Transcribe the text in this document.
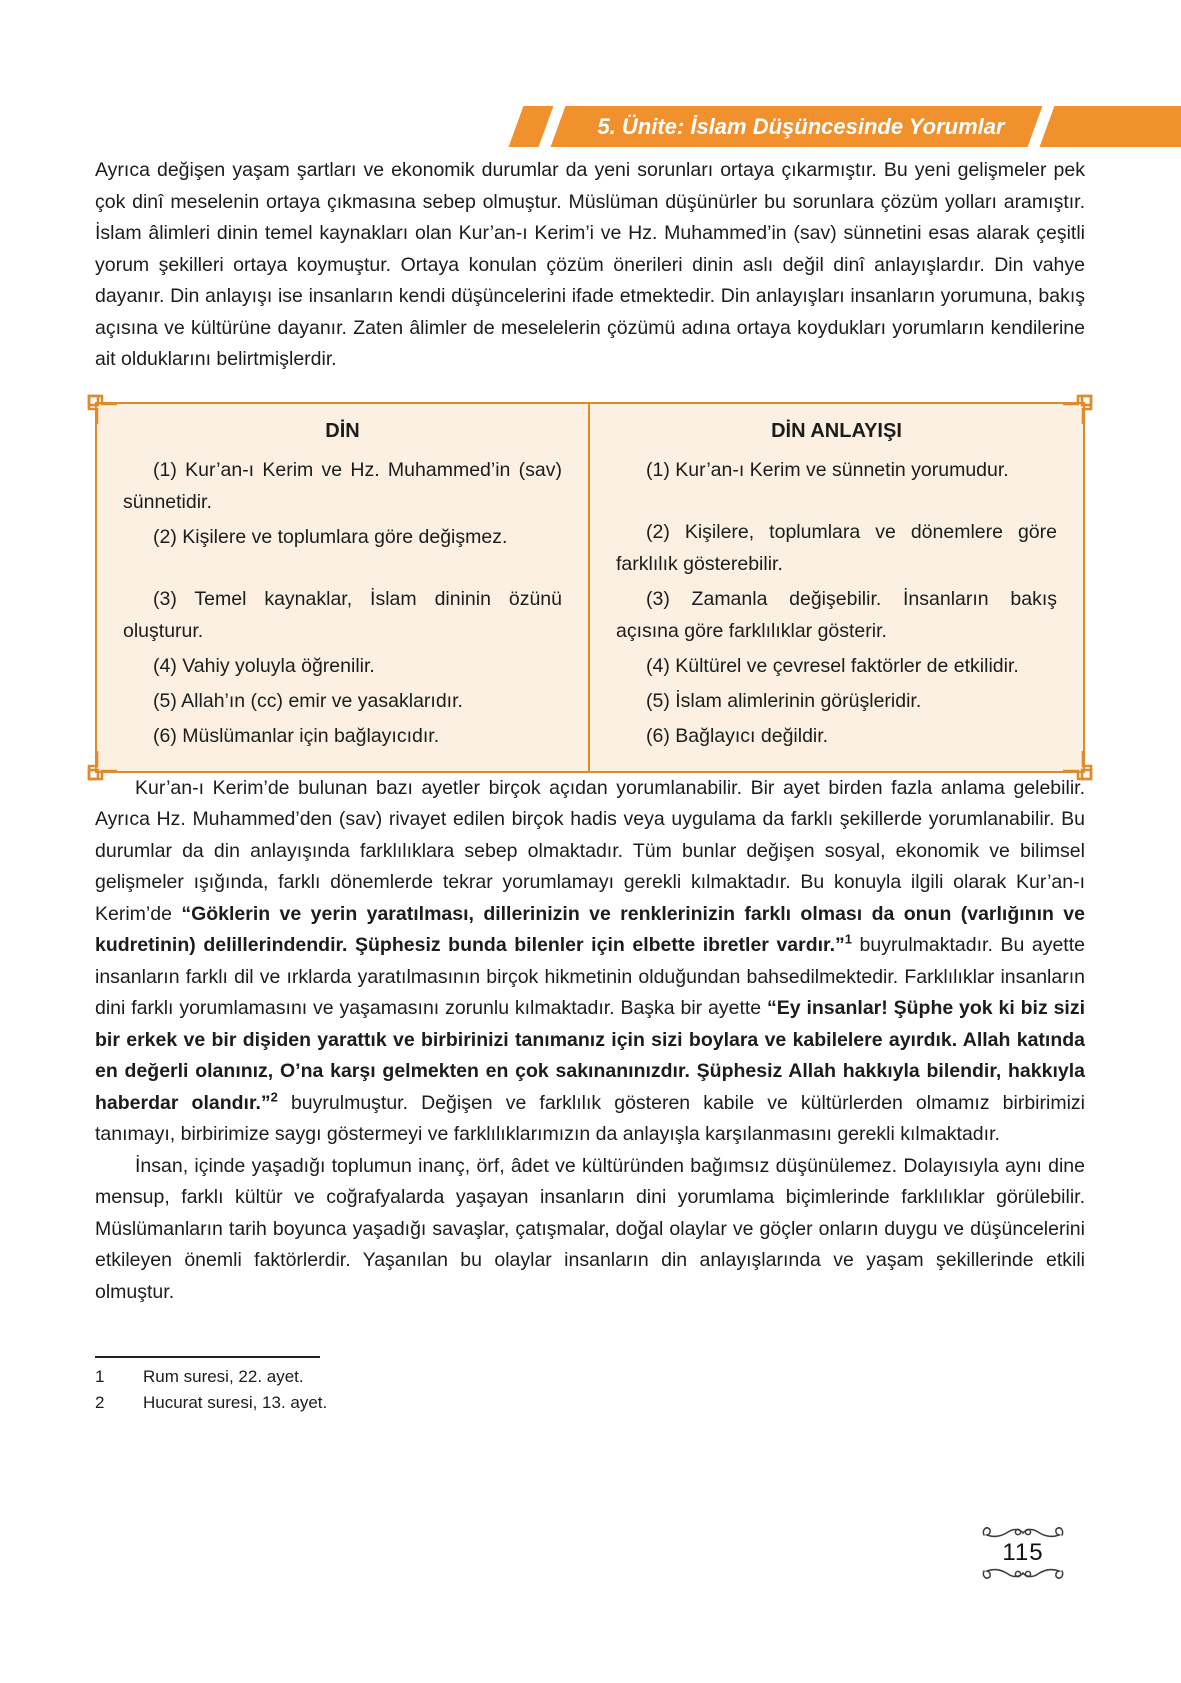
5. Ünite: İslam Düşüncesinde Yorumlar

Ayrıca değişen yaşam şartları ve ekonomik durumlar da yeni sorunları ortaya çıkarmıştır. Bu yeni gelişmeler pek çok dinî meselenin ortaya çıkmasına sebep olmuştur. Müslüman düşünürler bu sorunlara çözüm yolları aramıştır. İslam âlimleri dinin temel kaynakları olan Kur’an-ı Kerim’i ve Hz. Muhammed’in (sav) sünnetini esas alarak çeşitli yorum şekilleri ortaya koymuştur. Ortaya konulan çözüm önerileri dinin aslı değil dinî anlayışlardır. Din vahye dayanır. Din anlayışı ise insanların kendi düşüncelerini ifade etmektedir. Din anlayışları insanların yorumuna, bakış açısına ve kültürüne dayanır. Zaten âlimler de meselelerin çözümü adına ortaya koydukları yorumların kendilerine ait olduklarını belirtmişlerdir.

DİN

(1) Kur’an-ı Kerim ve Hz. Muhammed’in (sav) sünnetidir.

(2) Kişilere ve toplumlara göre değişmez.

(3) Temel kaynaklar, İslam dininin özünü oluşturur.

(4) Vahiy yoluyla öğrenilir.

(5) Allah’ın (cc) emir ve yasaklarıdır.

(6) Müslümanlar için bağlayıcıdır.

DİN ANLAYIŞI

(1) Kur’an-ı Kerim ve sünnetin yorumudur.

(2) Kişilere, toplumlara ve dönemlere göre farklılık gösterebilir.

(3) Zamanla değişebilir. İnsanların bakış açısına göre farklılıklar gösterir.

(4) Kültürel ve çevresel faktörler de etkilidir.

(5) İslam alimlerinin görüşleridir.

(6) Bağlayıcı değildir.

Kur’an-ı Kerim’de bulunan bazı ayetler birçok açıdan yorumlanabilir. Bir ayet birden fazla anlama gelebilir. Ayrıca Hz. Muhammed’den (sav) rivayet edilen birçok hadis veya uygulama da farklı şekillerde yorumlanabilir. Bu durumlar da din anlayışında farklılıklara sebep olmaktadır. Tüm bunlar değişen sosyal, ekonomik ve bilimsel gelişmeler ışığında, farklı dönemlerde tekrar yorumlamayı gerekli kılmaktadır. Bu konuyla ilgili olarak Kur’an-ı Kerim’de “Göklerin ve yerin yaratılması, dillerinizin ve renklerinizin farklı olması da onun (varlığının ve kudretinin) delillerindendir. Şüphesiz bunda bilenler için elbette ibretler vardır.”$^1$ buyrulmaktadır. Bu ayette insanların farklı dil ve ırklarda yaratılmasının birçok hikmetinin olduğundan bahsedilmektedir. Farklılıklar insanların dini farklı yorumlamasını ve yaşamasını zorunlu kılmaktadır. Başka bir ayette “Ey insanlar! Şüphe yok ki biz sizi bir erkek ve bir dişiden yarattık ve birbirinizi tanımanız için sizi boylara ve kabilelere ayırdık. Allah katında en değerli olanınız, O’na karşı gelmekten en çok sakınanınızdır. Şüphesiz Allah hakkıyla bilendir, hakkıyla haberdar olandır.”$^2$ buyrulmuştur. Değişen ve farklılık gösteren kabile ve kültürlerden olmamız birbirimizi tanımayı, birbirimize saygı göstermeyi ve farklılıklarımızın da anlayışla karşılanmasını gerekli kılmaktadır.

İnsan, içinde yaşadığı toplumun inanç, örf, âdet ve kültüründen bağımsız düşünülemez. Dolayısıyla aynı dine mensup, farklı kültür ve coğrafyalarda yaşayan insanların dini yorumlama biçimlerinde farklılıklar görülebilir. Müslümanların tarih boyunca yaşadığı savaşlar, çatışmalar, doğal olaylar ve göçler onların duygu ve düşüncelerini etkileyen önemli faktörlerdir. Yaşanılan bu olaylar insanların din anlayışlarında ve yaşam şekillerinde etkili olmuştur.

1	Rum suresi, 22. ayet.
2	Hucurat suresi, 13. ayet.
115
